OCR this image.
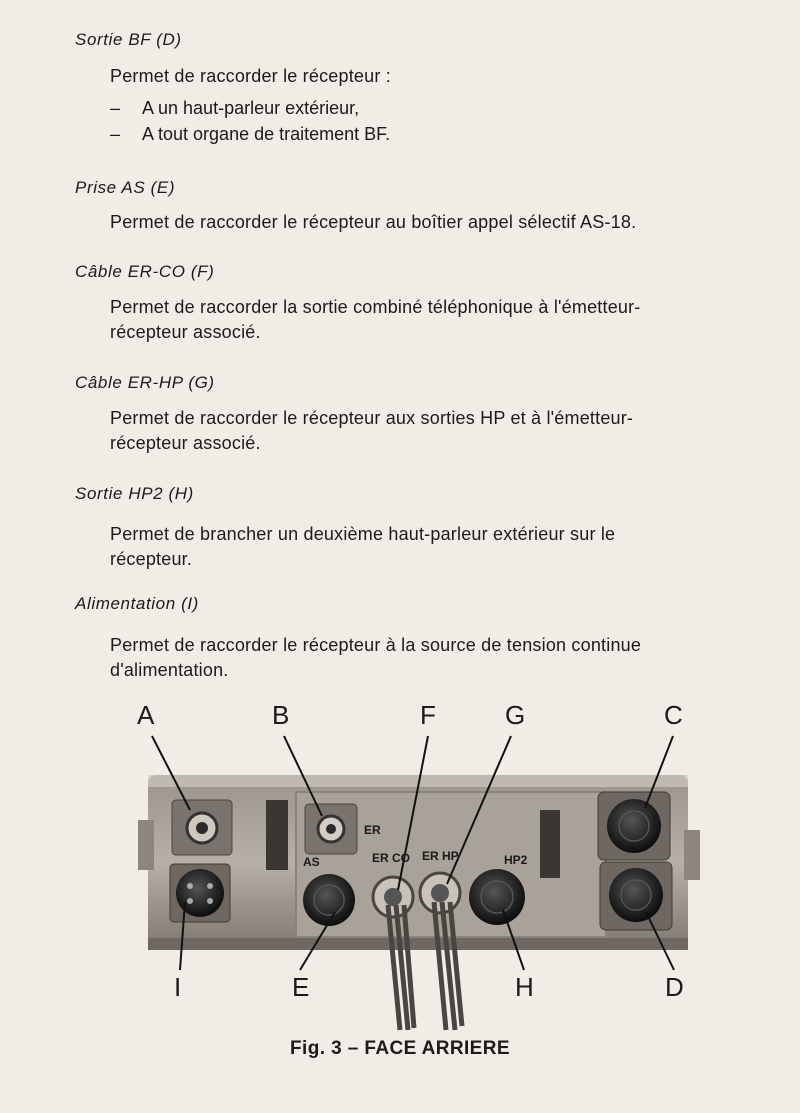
Sortie BF (D)
Permet de raccorder le récepteur :
– A un haut-parleur extérieur,
– A tout organe de traitement BF.
Prise AS (E)
Permet de raccorder le récepteur au boîtier appel sélectif AS-18.
Câble ER-CO (F)
Permet de raccorder la sortie combiné téléphonique à l'émetteur-
récepteur associé.
Câble ER-HP (G)
Permet de raccorder le récepteur aux sorties HP et à l'émetteur-
récepteur associé.
Sortie HP2 (H)
Permet de brancher un deuxième haut-parleur extérieur sur le
récepteur.
Alimentation (I)
Permet de raccorder le récepteur à la source de tension continue
d'alimentation.
ER
AS	ER CO ER HP	HP2
A	B	F	G	C
I	E	H	D
Fig. 3 – FACE ARRIERE
